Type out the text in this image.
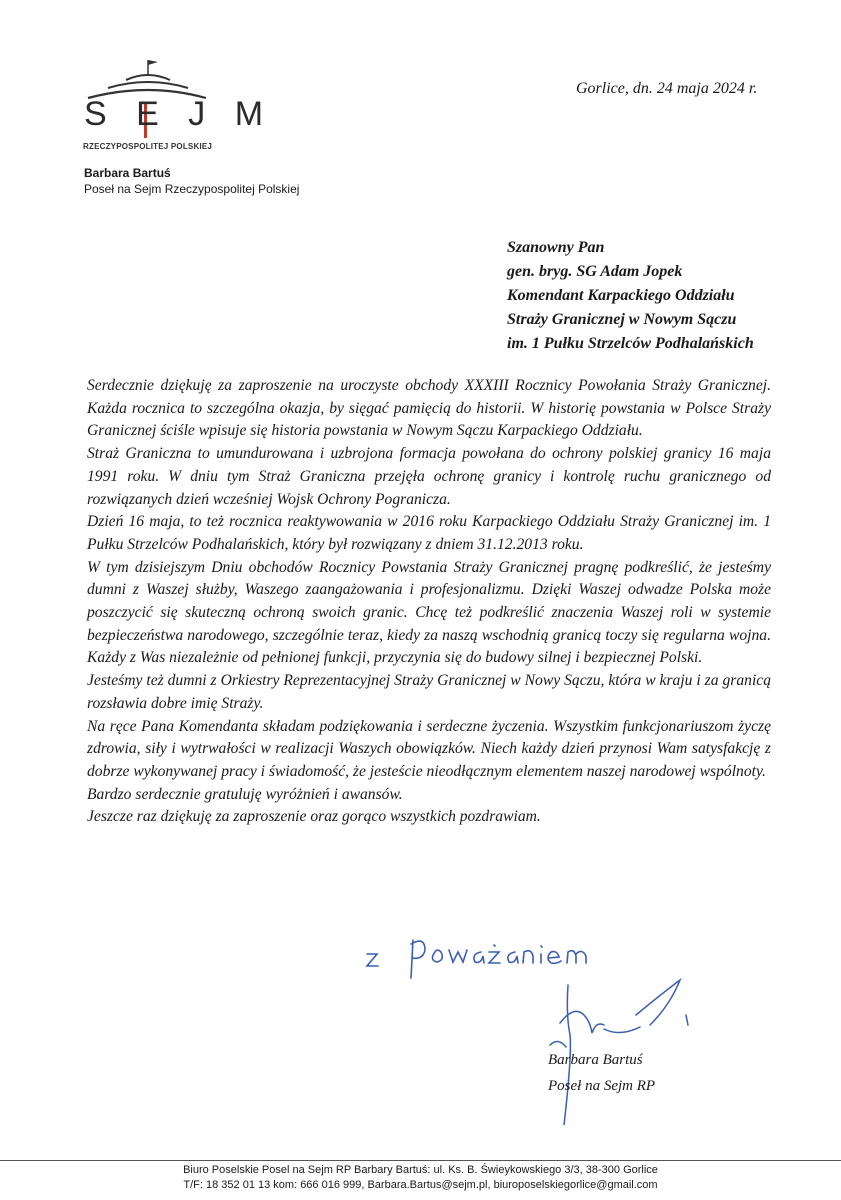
S E J M
RZECZYPOSPOLITEJ POLSKIEJ
Barbara Bartuś
Poseł na Sejm Rzeczypospolitej Polskiej
Gorlice, dn. 24 maja 2024 r.
Szanowny Pan
gen. bryg. SG Adam Jopek
Komendant Karpackiego Oddziału
Straży Granicznej w Nowym Sączu
im. 1 Pułku Strzelców Podhalańskich

Serdecznie dziękuję za zaproszenie na uroczyste obchody XXXIII Rocznicy Powołania Straży Granicznej. Każda rocznica to szczególna okazja, by sięgać pamięcią do historii. W historię powstania w Polsce Straży Granicznej ściśle wpisuje się historia powstania w Nowym Sączu Karpackiego Oddziału.

Straż Graniczna to umundurowana i uzbrojona formacja powołana do ochrony polskiej granicy 16 maja 1991 roku. W dniu tym Straż Graniczna przejęła ochronę granicy i kontrolę ruchu granicznego od rozwiązanych dzień wcześniej Wojsk Ochrony Pogranicza.

Dzień 16 maja, to też rocznica reaktywowania w 2016 roku Karpackiego Oddziału Straży Granicznej im. 1 Pułku Strzelców Podhalańskich, który był rozwiązany z dniem 31.12.2013 roku.

W tym dzisiejszym Dniu obchodów Rocznicy Powstania Straży Granicznej pragnę podkreślić, że jesteśmy dumni z Waszej służby, Waszego zaangażowania i profesjonalizmu. Dzięki Waszej odwadze Polska może poszczycić się skuteczną ochroną swoich granic. Chcę też podkreślić znaczenia Waszej roli w systemie bezpieczeństwa narodowego, szczególnie teraz, kiedy za naszą wschodnią granicą toczy się regularna wojna. Każdy z Was niezależnie od pełnionej funkcji, przyczynia się do budowy silnej i bezpiecznej Polski.

Jesteśmy też dumni z Orkiestry Reprezentacyjnej Straży Granicznej w Nowy Sączu, która w kraju i za granicą rozsławia dobre imię Straży.

Na ręce Pana Komendanta składam podziękowania i serdeczne życzenia. Wszystkim funkcjonariuszom życzę zdrowia, siły i wytrwałości w realizacji Waszych obowiązków. Niech każdy dzień przynosi Wam satysfakcję z dobrze wykonywanej pracy i świadomość, że jesteście nieodłącznym elementem naszej narodowej wspólnoty.

Bardzo serdecznie gratuluję wyróżnień i awansów.

Jeszcze raz dziękuję za zaproszenie oraz gorąco wszystkich pozdrawiam.

Barbara Bartuś
Poseł na Sejm RP
Biuro Poselskie Posel na Sejm RP Barbary Bartuś: ul. Ks. B. Świeykowskiego 3/3, 38-300 Gorlice
T/F: 18 352 01 13 kom: 666 016 999, Barbara.Bartus@sejm.pl, biuroposelskiegorlice@gmail.com
